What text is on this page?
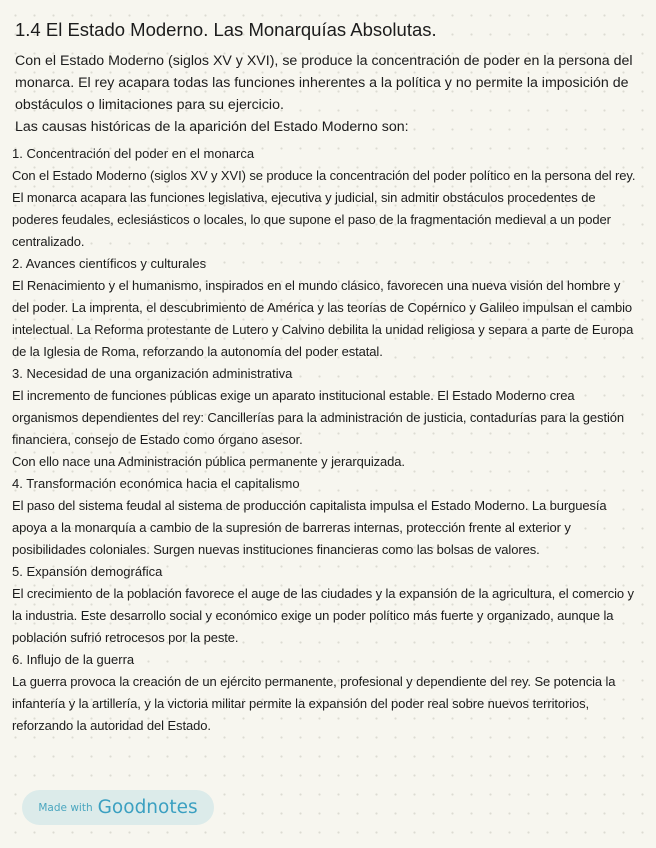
1.4 El Estado Moderno. Las Monarquías Absolutas.

Con el Estado Moderno (siglos XV y XVI), se produce la concentración de poder en la persona del monarca. El rey acapara todas las funciones inherentes a la política y no permite la imposición de obstáculos o limitaciones para su ejercicio.

Las causas históricas de la aparición del Estado Moderno son:

1. Concentración del poder en el monarca

Con el Estado Moderno (siglos XV y XVI) se produce la concentración del poder político en la persona del rey. El monarca acapara las funciones legislativa, ejecutiva y judicial, sin admitir obstáculos procedentes de poderes feudales, eclesiásticos o locales, lo que supone el paso de la fragmentación medieval a un poder centralizado.

2. Avances científicos y culturales

El Renacimiento y el humanismo, inspirados en el mundo clásico, favorecen una nueva visión del hombre y del poder. La imprenta, el descubrimiento de América y las teorías de Copérnico y Galileo impulsan el cambio intelectual. La Reforma protestante de Lutero y Calvino debilita la unidad religiosa y separa a parte de Europa de la Iglesia de Roma, reforzando la autonomía del poder estatal.

3. Necesidad de una organización administrativa

El incremento de funciones públicas exige un aparato institucional estable. El Estado Moderno crea organismos dependientes del rey: Cancillerías para la administración de justicia, contadurías para la gestión financiera, consejo de Estado como órgano asesor.

Con ello nace una Administración pública permanente y jerarquizada.

4. Transformación económica hacia el capitalismo

El paso del sistema feudal al sistema de producción capitalista impulsa el Estado Moderno. La burguesía apoya a la monarquía a cambio de la supresión de barreras internas, protección frente al exterior y posibilidades coloniales. Surgen nuevas instituciones financieras como las bolsas de valores.

5. Expansión demográfica

El crecimiento de la población favorece el auge de las ciudades y la expansión de la agricultura, el comercio y la industria. Este desarrollo social y económico exige un poder político más fuerte y organizado, aunque la población sufrió retrocesos por la peste.

6. Influjo de la guerra

La guerra provoca la creación de un ejército permanente, profesional y dependiente del rey. Se potencia la infantería y la artillería, y la victoria militar permite la expansión del poder real sobre nuevos territorios, reforzando la autoridad del Estado.

Made with Goodnotes
